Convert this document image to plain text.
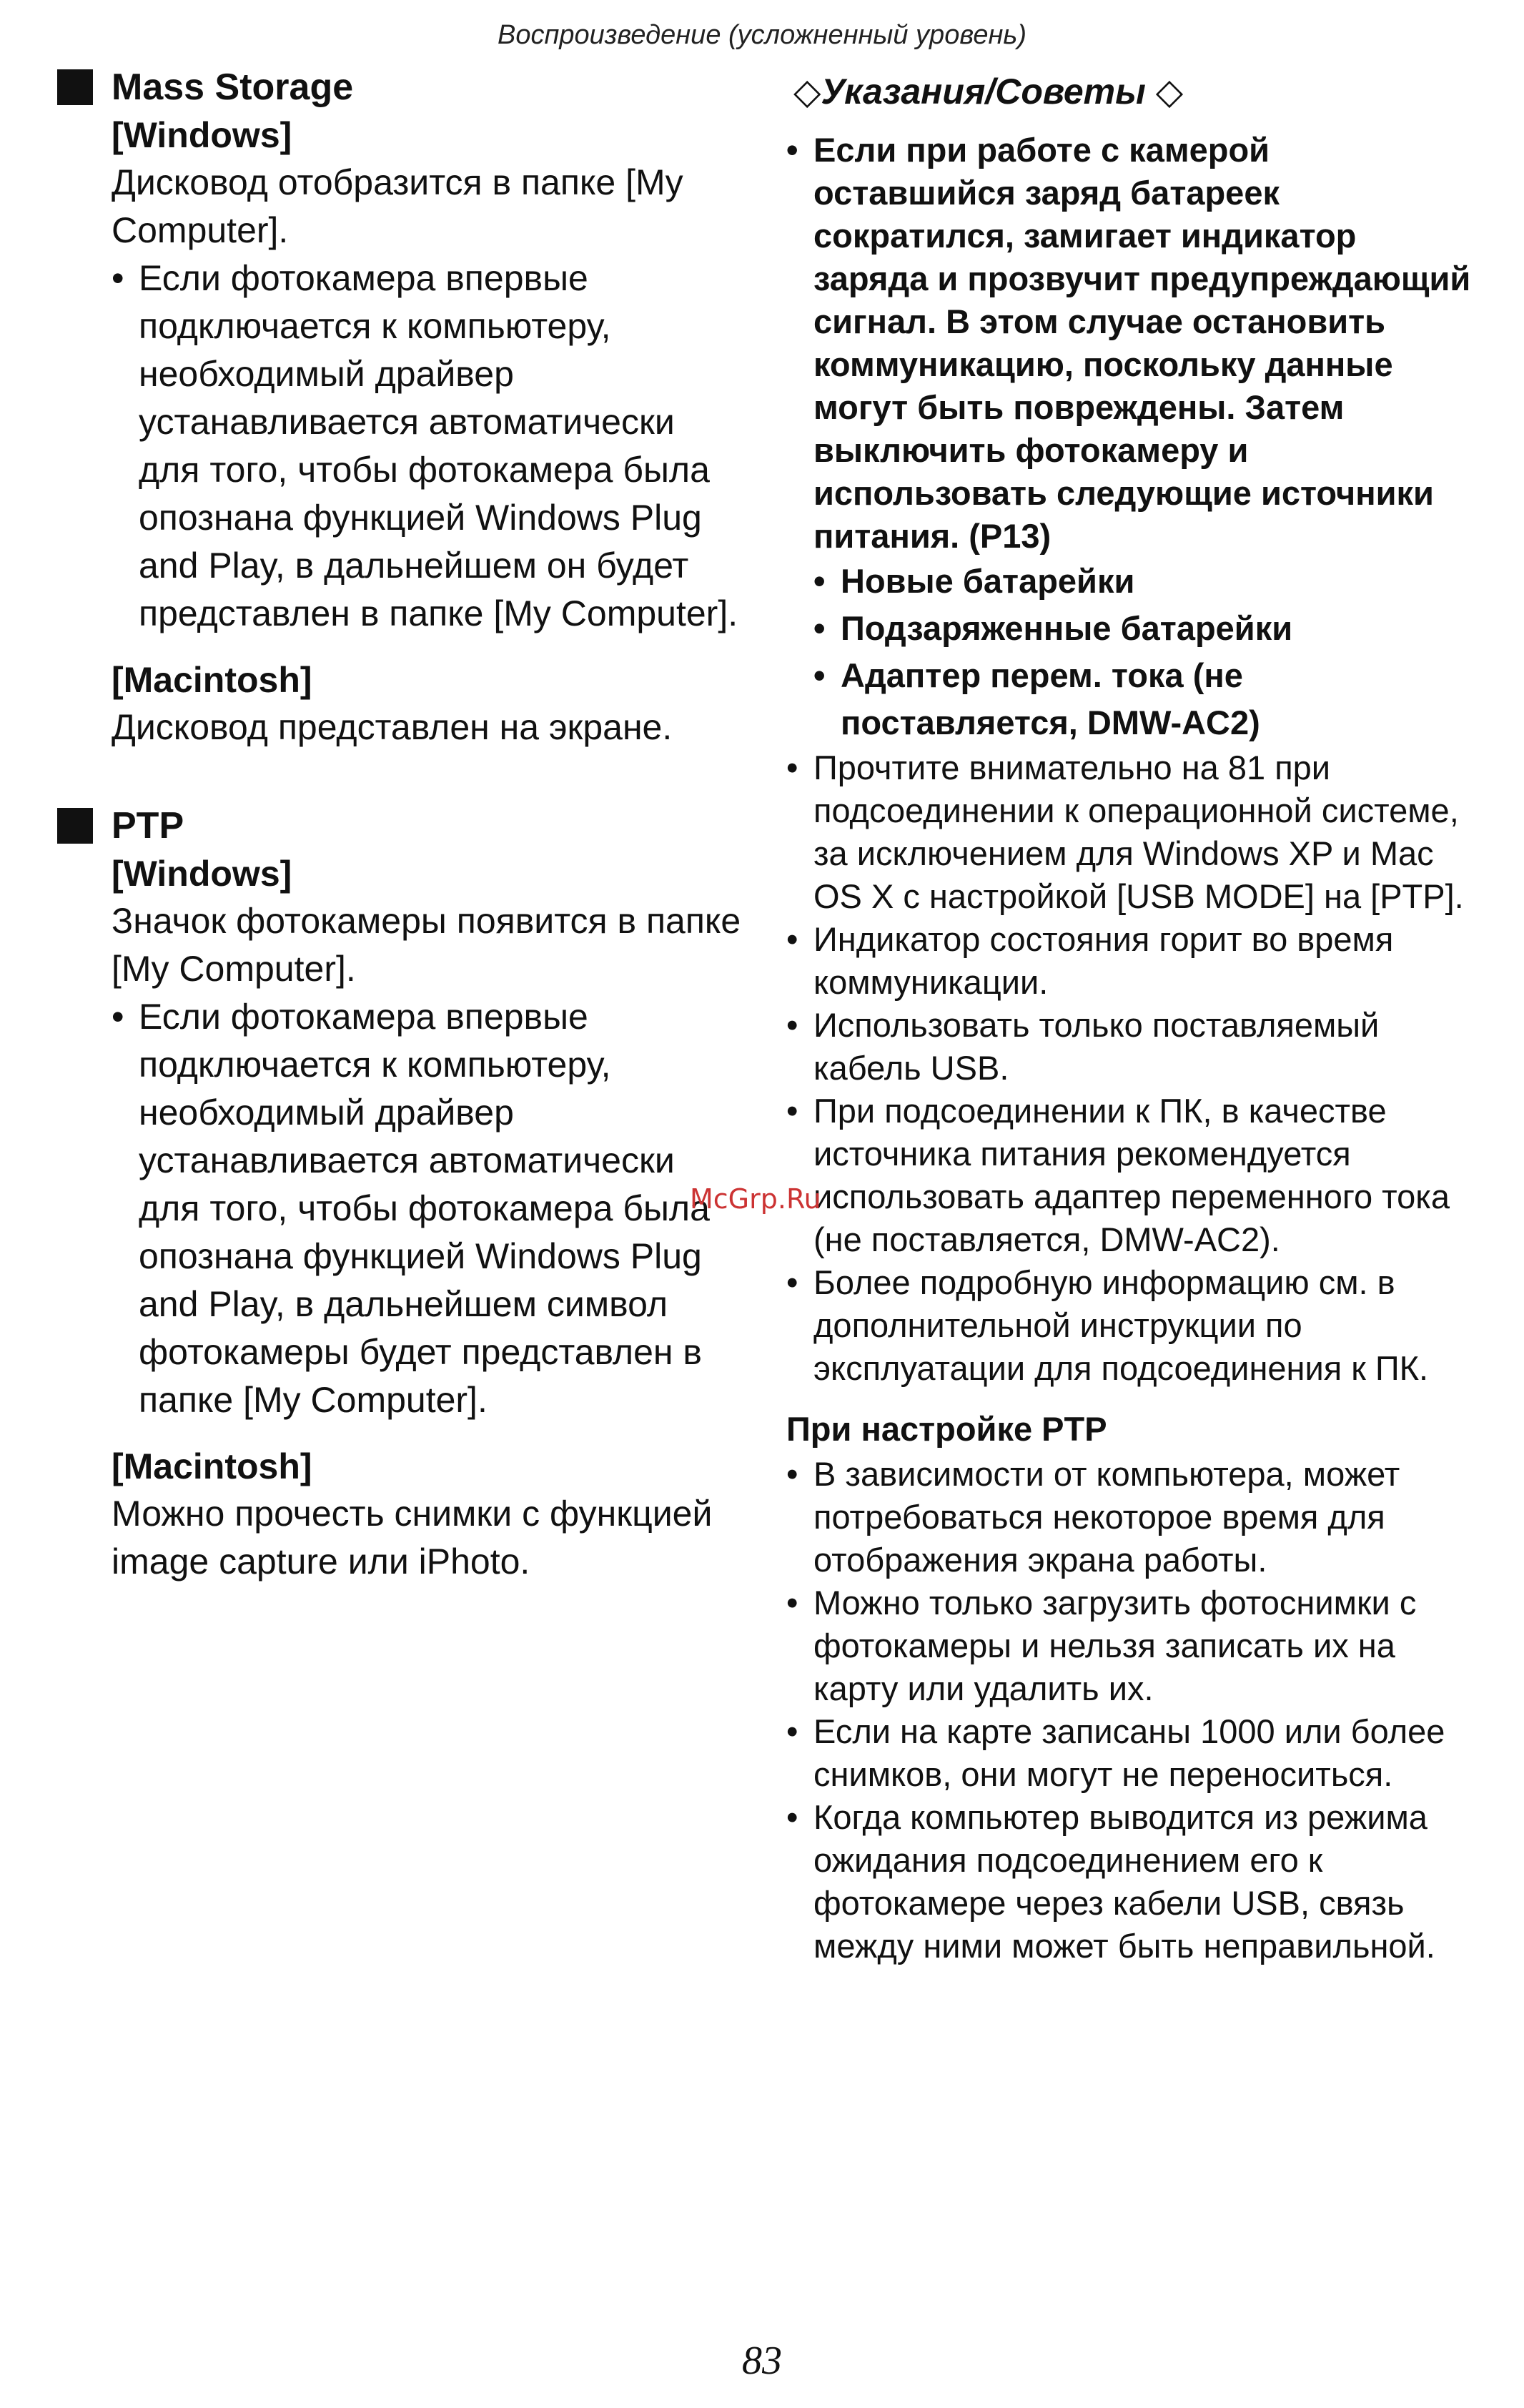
Воспроизведение (усложненный уровень)
Mass Storage
[Windows]
Дисковод отобразится в папке [My Computer].
• Если фотокамера впервые подключается к компьютеру, необходимый драйвер устанавливается автоматически для того, чтобы фотокамера была опознана функцией Windows Plug and Play, в дальнейшем он будет представлен в папке [My Computer].
[Macintosh]
Дисковод представлен на экране.
PTP
[Windows]
Значок фотокамеры появится в папке [My Computer].
• Если фотокамера впервые подключается к компьютеру, необходимый драйвер устанавливается автоматически для того, чтобы фотокамера была опознана функцией Windows Plug and Play, в дальнейшем символ фотокамеры будет представлен в папке [My Computer].
[Macintosh]
Можно прочесть снимки с функцией image capture или iPhoto.
◇Указания/Советы ◇
• Если при работе с камерой оставшийся заряд батареек сократился, замигает индикатор заряда и прозвучит предупреждающий сигнал. В этом случае остановить коммуникацию, поскольку данные могут быть повреждены. Затем выключить фотокамеру и использовать следующие источники питания. (P13)
• Новые батарейки
• Подзаряженные батарейки
• Адаптер перем. тока (не поставляется, DMW-AC2)
• Прочтите внимательно на 81 при подсоединении к операционной системе, за исключением для Windows XP и Mac OS X с настройкой [USB MODE] на [PTP].
• Индикатор состояния горит во время коммуникации.
• Использовать только поставляемый кабель USB.
• При подсоединении к ПК, в качестве источника питания рекомендуется использовать адаптер переменного тока (не поставляется, DMW-AC2).
• Более подробную информацию см. в дополнительной инструкции по эксплуатации для подсоединения к ПК.
При настройке PTP
• В зависимости от компьютера, может потребоваться некоторое время для отображения экрана работы.
• Можно только загрузить фотоснимки с фотокамеры и нельзя записать их на карту или удалить их.
• Если на карте записаны 1000 или более снимков, они могут не переноситься.
• Когда компьютер выводится из режима ожидания подсоединением его к фотокамере через кабели USB, связь между ними может быть неправильной.
McGrp.Ru
83
